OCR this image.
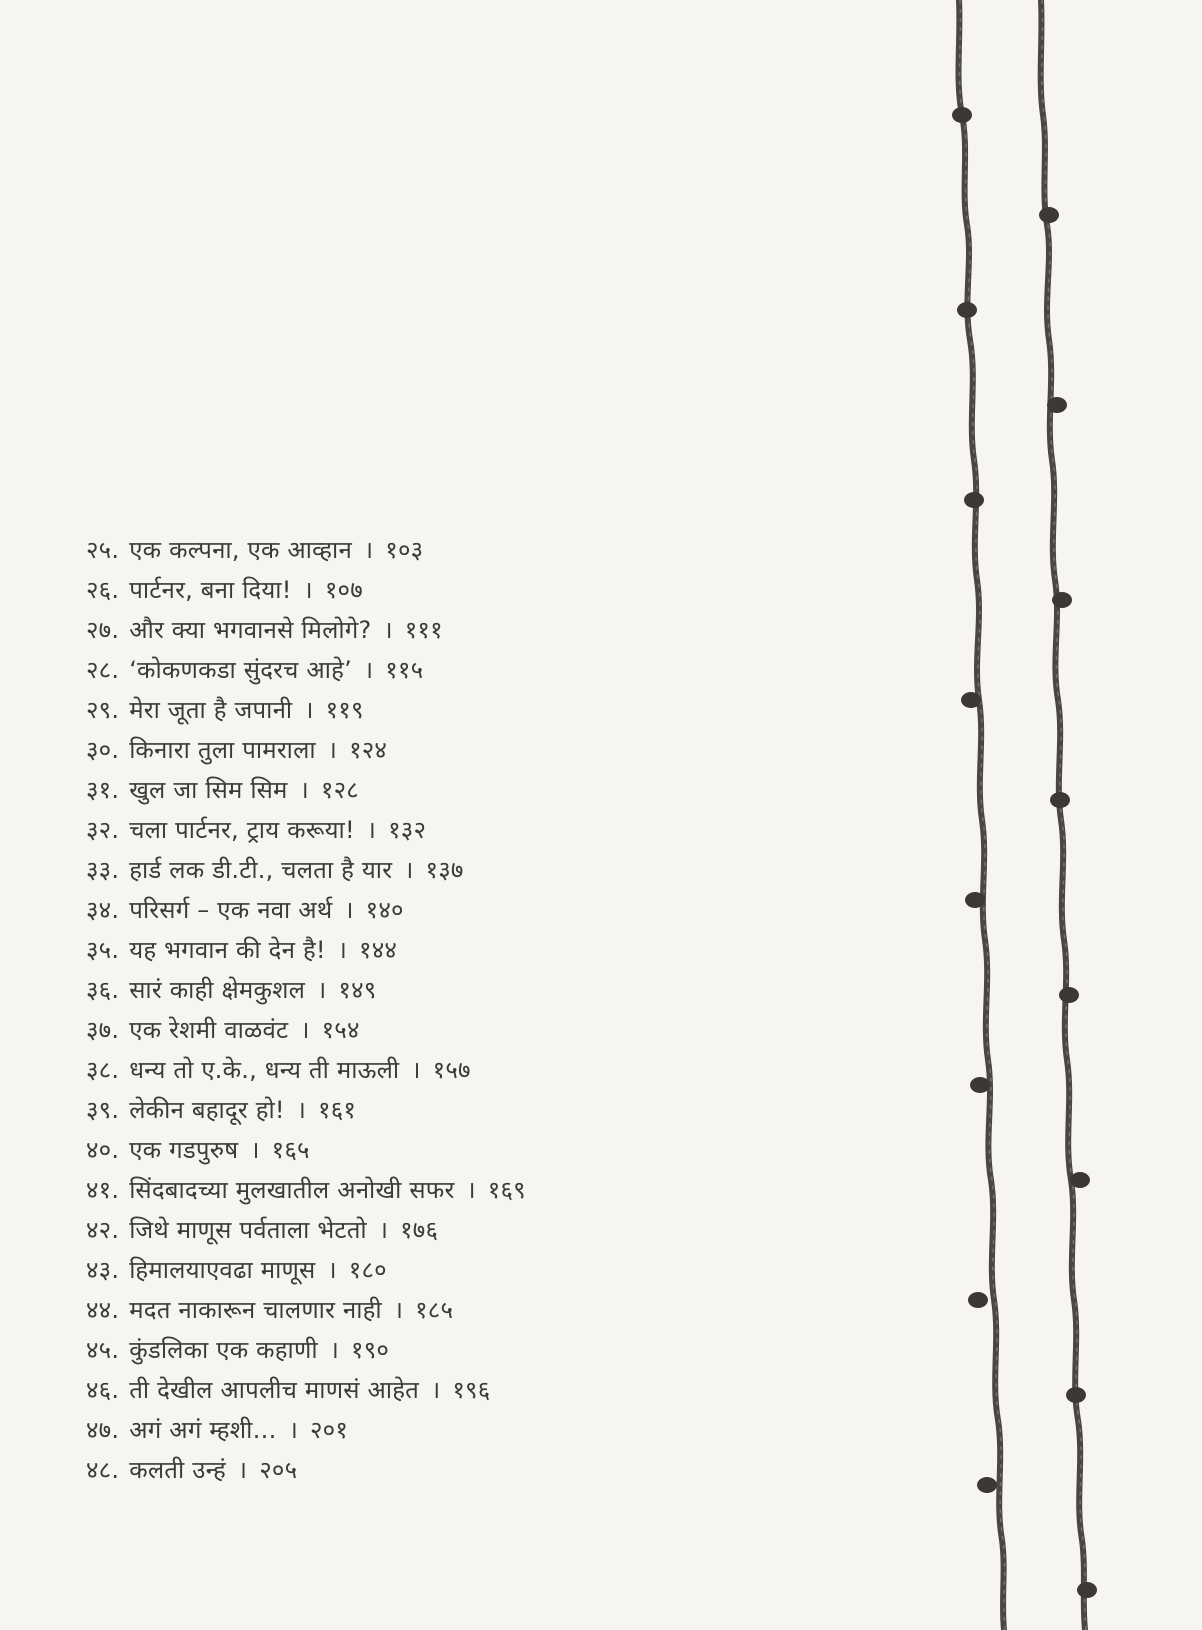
२५. एक कल्पना, एक आव्हान । १०३
२६. पार्टनर, बना दिया! । १०७
२७. और क्या भगवानसे मिलोगे? । १११
२८. ‘कोकणकडा सुंदरच आहे’ । ११५
२९. मेरा जूता है जपानी । ११९
३०. किनारा तुला पामराला । १२४
३१. खुल जा सिम सिम । १२८
३२. चला पार्टनर, ट्राय करूया! । १३२
३३. हार्ड लक डी.टी., चलता है यार । १३७
३४. परिसर्ग – एक नवा अर्थ । १४०
३५. यह भगवान की देन है! । १४४
३६. सारं काही क्षेमकुशल । १४९
३७. एक रेशमी वाळवंट । १५४
३८. धन्य तो ए.के., धन्य ती माऊली । १५७
३९. लेकीन बहादूर हो! । १६१
४०. एक गडपुरुष । १६५
४१. सिंदबादच्या मुलखातील अनोखी सफर । १६९
४२. जिथे माणूस पर्वताला भेटतो । १७६
४३. हिमालयाएवढा माणूस । १८०
४४. मदत नाकारून चालणार नाही । १८५
४५. कुंडलिका एक कहाणी । १९०
४६. ती देखील आपलीच माणसं आहेत । १९६
४७. अगं अगं म्हशी… । २०१
४८. कलती उन्हं । २०५
